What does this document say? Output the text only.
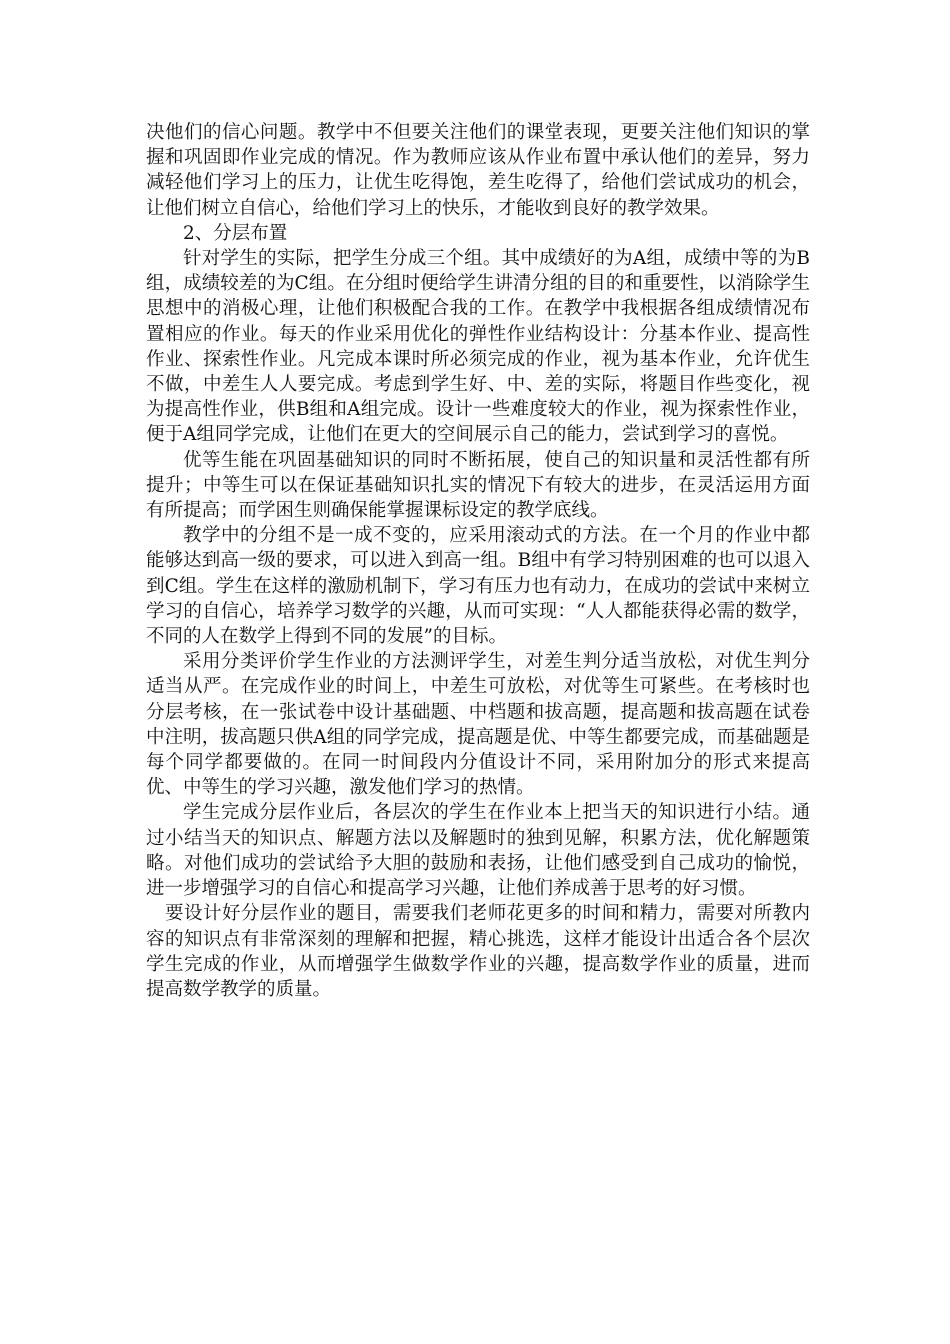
决他们的信心问题。教学中不但要关注他们的课堂表现，更要关注他们知识的掌握和巩固即作业完成的情况。作为教师应该从作业布置中承认他们的差异，努力减轻他们学习上的压力，让优生吃得饱，差生吃得了，给他们尝试成功的机会，让他们树立自信心，给他们学习上的快乐，才能收到良好的教学效果。

2、分层布置

针对学生的实际，把学生分成三个组。其中成绩好的为A组，成绩中等的为B组，成绩较差的为C组。在分组时便给学生讲清分组的目的和重要性，以消除学生思想中的消极心理，让他们积极配合我的工作。在教学中我根据各组成绩情况布置相应的作业。每天的作业采用优化的弹性作业结构设计：分基本作业、提高性作业、探索性作业。凡完成本课时所必须完成的作业，视为基本作业，允许优生不做，中差生人人要完成。考虑到学生好、中、差的实际，将题目作些变化，视为提高性作业，供B组和A组完成。设计一些难度较大的作业，视为探索性作业，便于A组同学完成，让他们在更大的空间展示自己的能力，尝试到学习的喜悦。

优等生能在巩固基础知识的同时不断拓展，使自己的知识量和灵活性都有所提升；中等生可以在保证基础知识扎实的情况下有较大的进步，在灵活运用方面有所提高；而学困生则确保能掌握课标设定的教学底线。

教学中的分组不是一成不变的，应采用滚动式的方法。在一个月的作业中都能够达到高一级的要求，可以进入到高一组。B组中有学习特别困难的也可以退入到C组。学生在这样的激励机制下，学习有压力也有动力，在成功的尝试中来树立学习的自信心，培养学习数学的兴趣，从而可实现：“人人都能获得必需的数学，不同的人在数学上得到不同的发展”的目标。

采用分类评价学生作业的方法测评学生，对差生判分适当放松，对优生判分适当从严。在完成作业的时间上，中差生可放松，对优等生可紧些。在考核时也分层考核，在一张试卷中设计基础题、中档题和拔高题，提高题和拔高题在试卷中注明，拔高题只供A组的同学完成，提高题是优、中等生都要完成，而基础题是每个同学都要做的。在同一时间段内分值设计不同，采用附加分的形式来提高优、中等生的学习兴趣，激发他们学习的热情。

学生完成分层作业后，各层次的学生在作业本上把当天的知识进行小结。通过小结当天的知识点、解题方法以及解题时的独到见解，积累方法，优化解题策略。对他们成功的尝试给予大胆的鼓励和表扬，让他们感受到自己成功的愉悦，进一步增强学习的自信心和提高学习兴趣，让他们养成善于思考的好习惯。

要设计好分层作业的题目，需要我们老师花更多的时间和精力，需要对所教内容的知识点有非常深刻的理解和把握，精心挑选，这样才能设计出适合各个层次学生完成的作业，从而增强学生做数学作业的兴趣，提高数学作业的质量，进而提高数学教学的质量。
